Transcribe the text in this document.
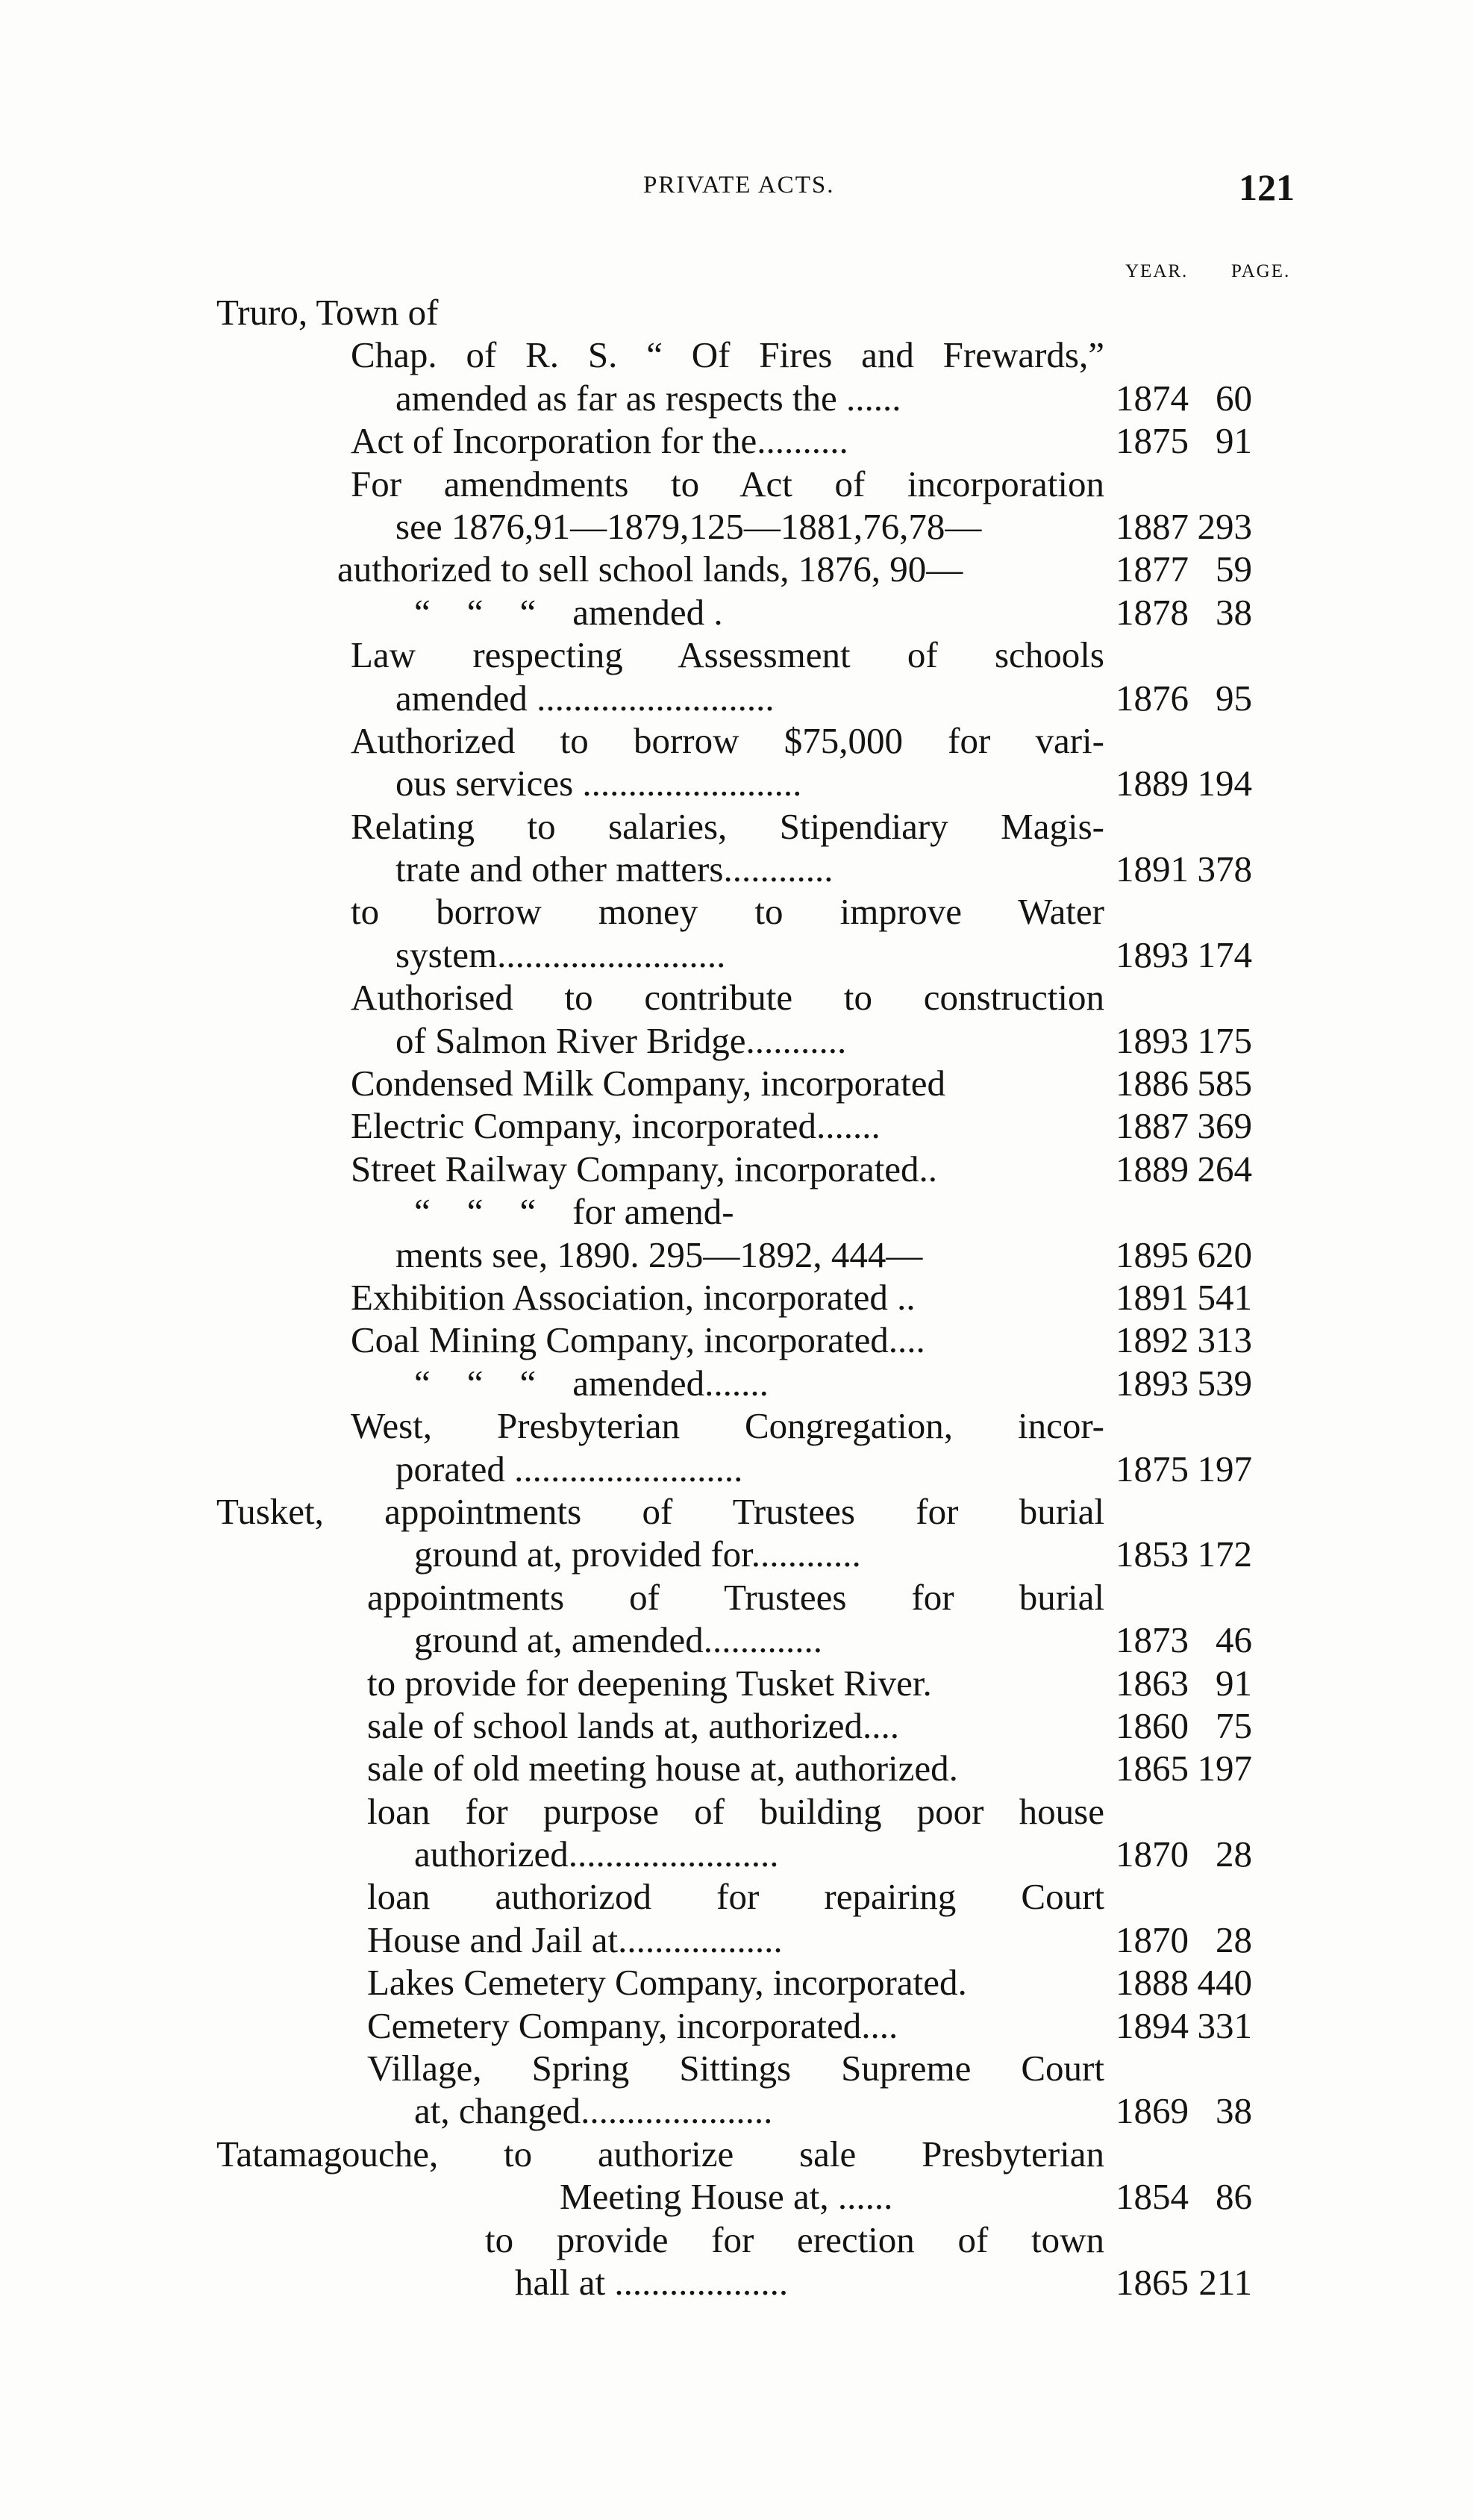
PRIVATE ACTS.	121
YEAR. PAGE.
Truro, Town of
Chap. of R. S. “ Of Fires and Frewards,”
amended as far as respects the ......	1874 60
Act of Incorporation for the..........	1875 91
For amendments to Act of incorporation
see 1876,91—1879,125—1881,76,78—	1887 293
authorized to sell school lands, 1876, 90—	1877 59
“    “    “    amended .	1878 38
Law respecting Assessment of schools
amended ..........................	1876 95
Authorized to borrow $75,000 for vari-
ous services ........................	1889 194
Relating to salaries, Stipendiary Magis-
trate and other matters............	1891 378
to borrow money to improve Water
system.........................	1893 174
Authorised to contribute to construction
of Salmon River Bridge...........	1893 175
Condensed Milk Company, incorporated	1886 585
Electric Company, incorporated.......	1887 369
Street Railway Company, incorporated..	1889 264
“    “    “    for amend-
ments see, 1890. 295—1892, 444—	1895 620
Exhibition Association, incorporated ..	1891 541
Coal Mining Company, incorporated....	1892 313
“    “    “    amended.......	1893 539
West, Presbyterian Congregation, incor-
porated .........................	1875 197
Tusket, appointments of Trustees for burial
ground at, provided for............	1853 172
appointments of Trustees for burial
ground at, amended.............	1873 46
to provide for deepening Tusket River.	1863 91
sale of school lands at, authorized....	1860 75
sale of old meeting house at, authorized.	1865 197
loan for purpose of building poor house
authorized.......................	1870 28
loan authorizod for repairing Court
House and Jail at..................	1870 28
Lakes Cemetery Company, incorporated.	1888 440
Cemetery Company, incorporated....	1894 331
Village, Spring Sittings Supreme Court
at, changed.....................	1869 38
Tatamagouche, to authorize sale Presbyterian
Meeting House at, ......	1854 86
to provide for erection of town
hall at ...................	1865 211
